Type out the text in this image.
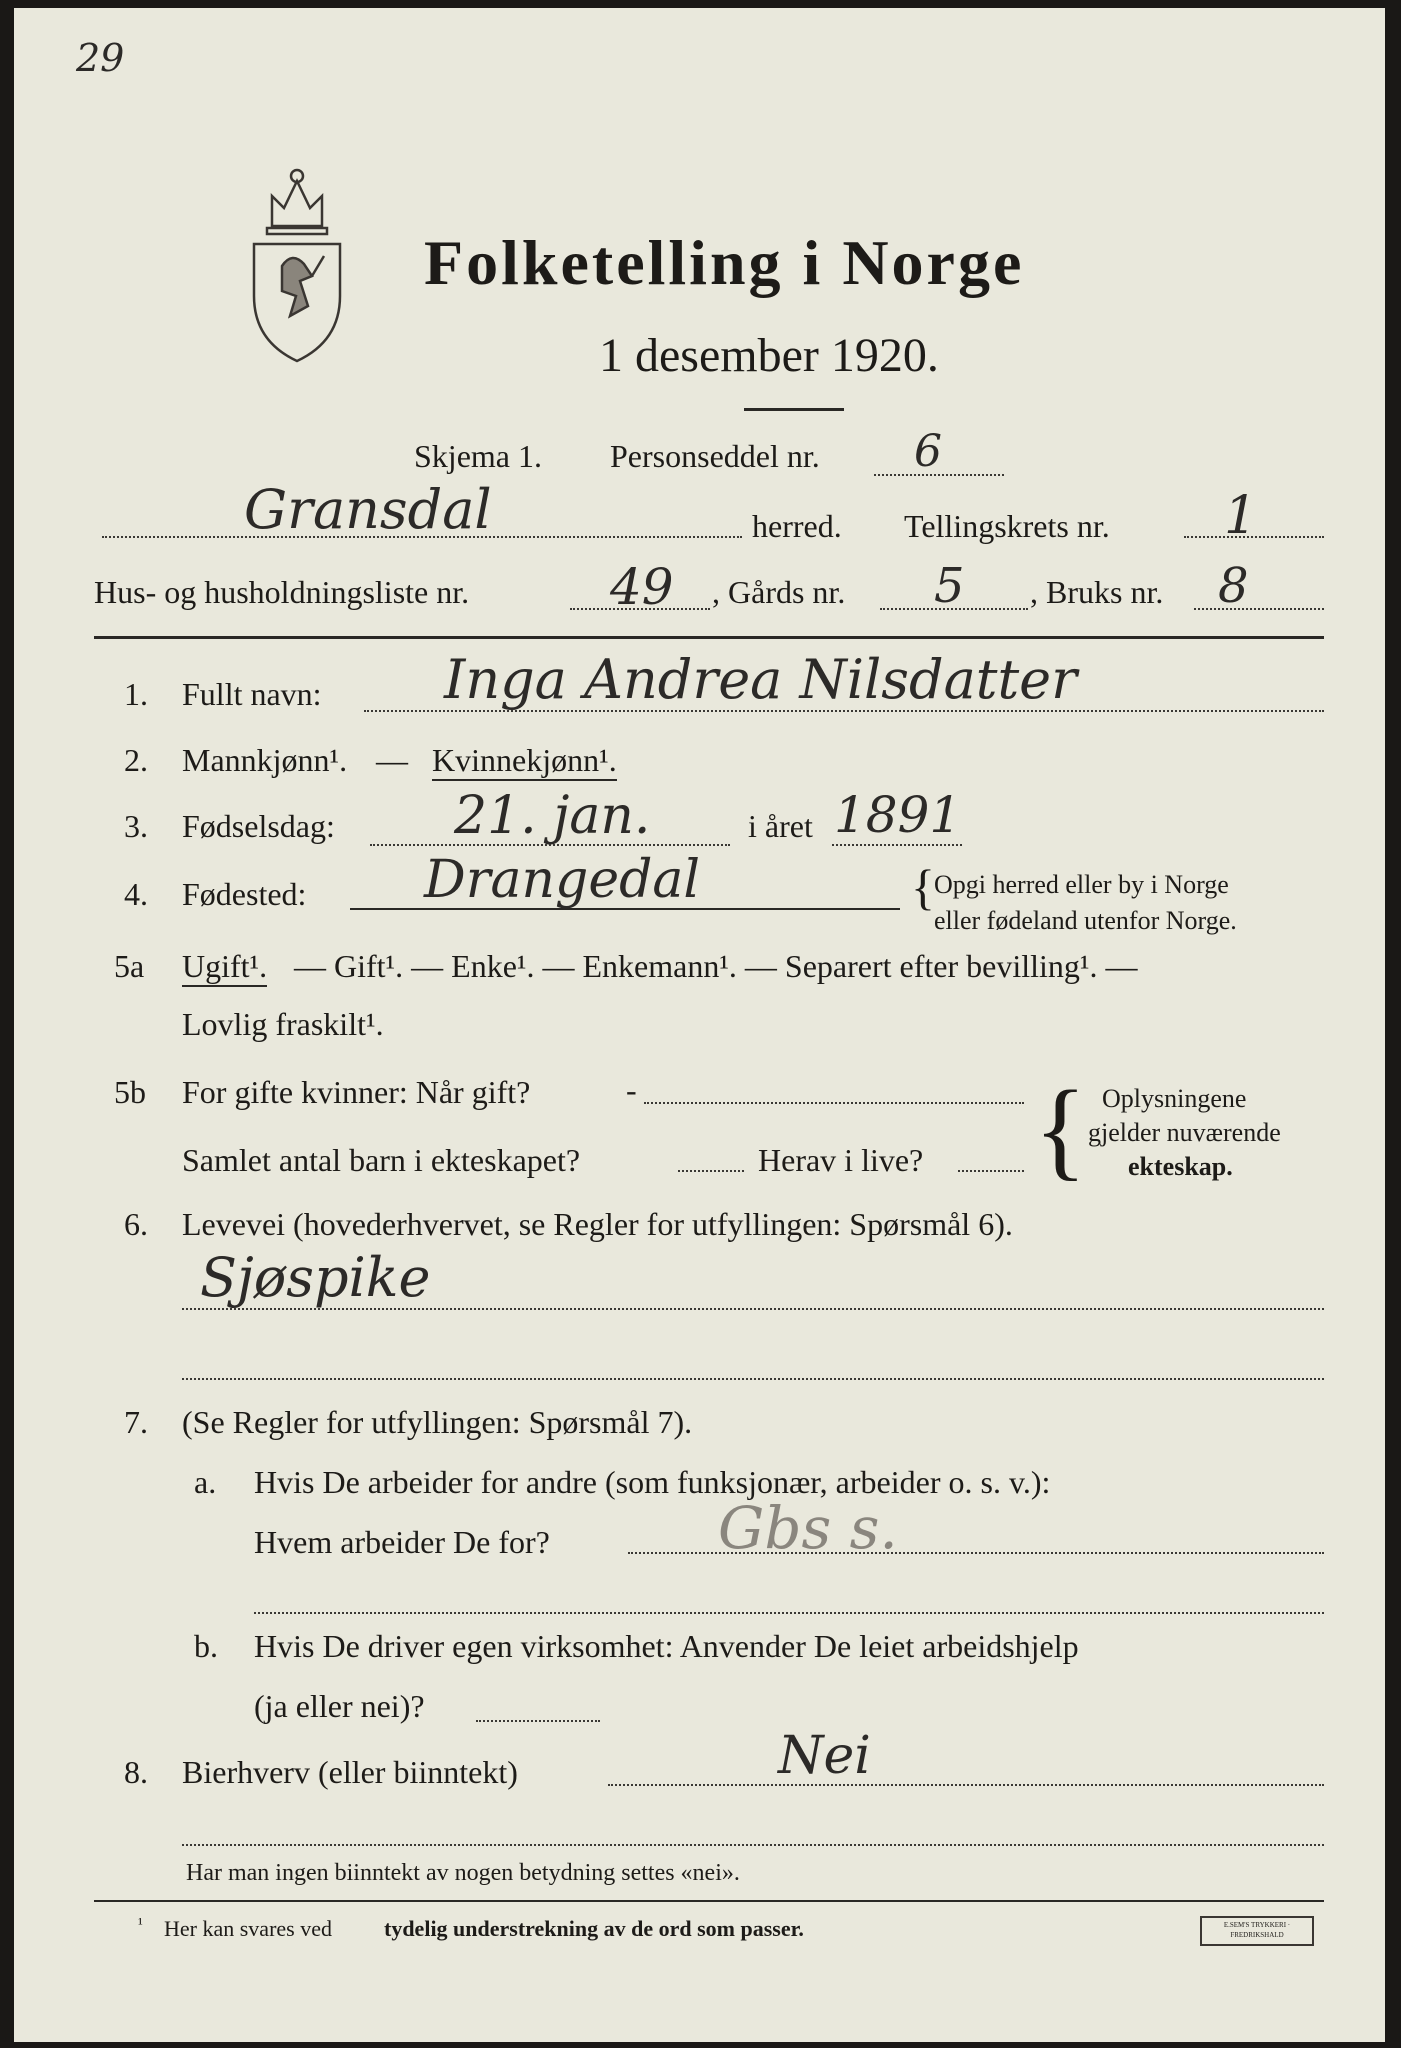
29
Folketelling i Norge
1 desember 1920.
Skjema 1. Personseddel nr. 6
Gransdal	herred. Tellingskrets nr. 1
Hus- og husholdningsliste nr.	49 , Gårds nr. 5 , Bruks nr. 8
1. Fullt navn: Inga Andrea Nilsdatter
2. Mannkjønn¹. — Kvinnekjønn¹.
3. Fødselsdag: 21. jan.	i året 1891
4. Fødested: Drangedal	{ Opgi herred eller by i Norge
eller fødeland utenfor Norge.
5a Ugift¹. — Gift¹. — Enke¹. — Enkemann¹. — Separert efter bevilling¹. —
Lovlig fraskilt¹.
5b For gifte kvinner: Når gift?	-
Samlet antal barn i ekteskapet?	Herav i live? { Oplysningene
gjelder nuværende
ekteskap.
6. Levevei (hovederhvervet, se Regler for utfyllingen: Spørsmål 6).
Sjøspike
7. (Se Regler for utfyllingen: Spørsmål 7).
a. Hvis De arbeider for andre (som funksjonær, arbeider o. s. v.):
Hvem arbeider De for?	Gbs s.
b. Hvis De driver egen virksomhet: Anvender De leiet arbeidshjelp
(ja eller nei)?
8. Bierhverv (eller biinntekt)	Nei
Har man ingen biinntekt av nogen betydning settes «nei».
¹ Her kan svares ved tydelig understrekning av de ord som passer.	E.SEM'S TRYKKERI · FREDRIKSHALD
